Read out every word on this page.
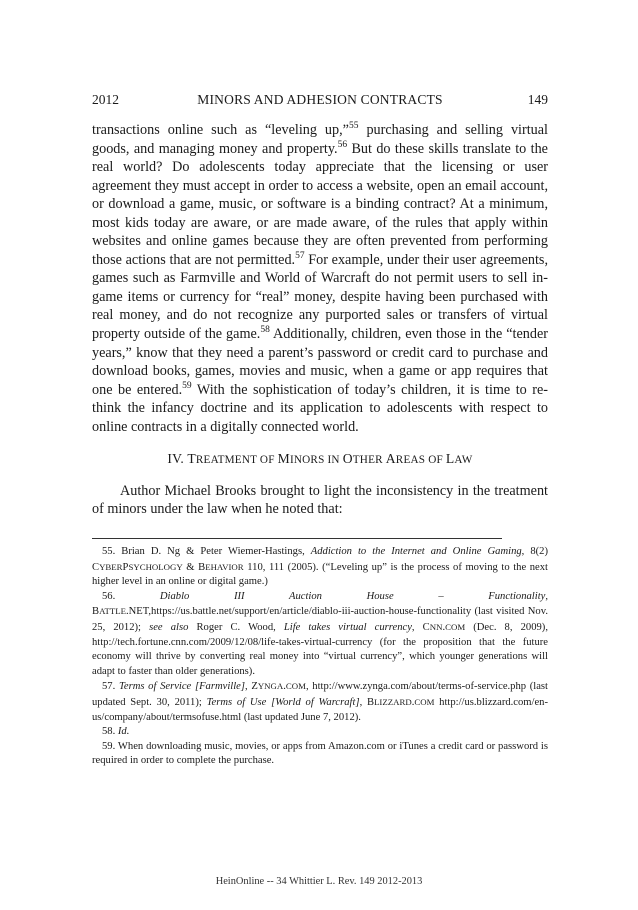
2012	MINORS AND ADHESION CONTRACTS	149

transactions online such as “leveling up,”$^{55}$ purchasing and selling virtual goods, and managing money and property.$^{56}$ But do these skills translate to the real world? Do adolescents today appreciate that the licensing or user agreement they must accept in order to access a website, open an email account, or download a game, music, or software is a binding contract? At a minimum, most kids today are aware, or are made aware, of the rules that apply within websites and online games because they are often prevented from performing those actions that are not permitted.$^{57}$ For example, under their user agreements, games such as Farmville and World of Warcraft do not permit users to sell in-game items or currency for “real” money, despite having been purchased with real money, and do not recognize any purported sales or transfers of virtual property outside of the game.$^{58}$ Additionally, children, even those in the “tender years,” know that they need a parent’s password or credit card to purchase and download books, games, movies and music, when a game or app requires that one be entered.$^{59}$ With the sophistication of today’s children, it is time to re-think the infancy doctrine and its application to adolescents with respect to online contracts in a digitally connected world.

IV. TREATMENT OF MINORS IN OTHER AREAS OF LAW

Author Michael Brooks brought to light the inconsistency in the treatment of minors under the law when he noted that:

55. Brian D. Ng & Peter Wiemer-Hastings, Addiction to the Internet and Online Gaming, 8(2) CYBERPSYCHOLOGY & BEHAVIOR 110, 111 (2005). (“Leveling up” is the process of moving to the next higher level in an online or digital game.)

56. Diablo III Auction House – Functionality, BATTLE.NET,https://us.battle.net/support/en/article/diablo-iii-auction-house-functionality (last visited Nov. 25, 2012); see also Roger C. Wood, Life takes virtual currency, CNN.COM (Dec. 8, 2009), http://tech.fortune.cnn.com/2009/12/08/life-takes-virtual-currency (for the proposition that the future economy will thrive by converting real money into “virtual currency”, which younger generations will adapt to faster than older generations).

57. Terms of Service [Farmville], ZYNGA.COM, http://www.zynga.com/about/terms-of-service.php (last updated Sept. 30, 2011); Terms of Use [World of Warcraft], BLIZZARD.COM http://us.blizzard.com/en-us/company/about/termsofuse.html (last updated June 7, 2012).

58. Id.

59. When downloading music, movies, or apps from Amazon.com or iTunes a credit card or password is required in order to complete the purchase.

HeinOnline -- 34 Whittier L. Rev. 149 2012-2013
